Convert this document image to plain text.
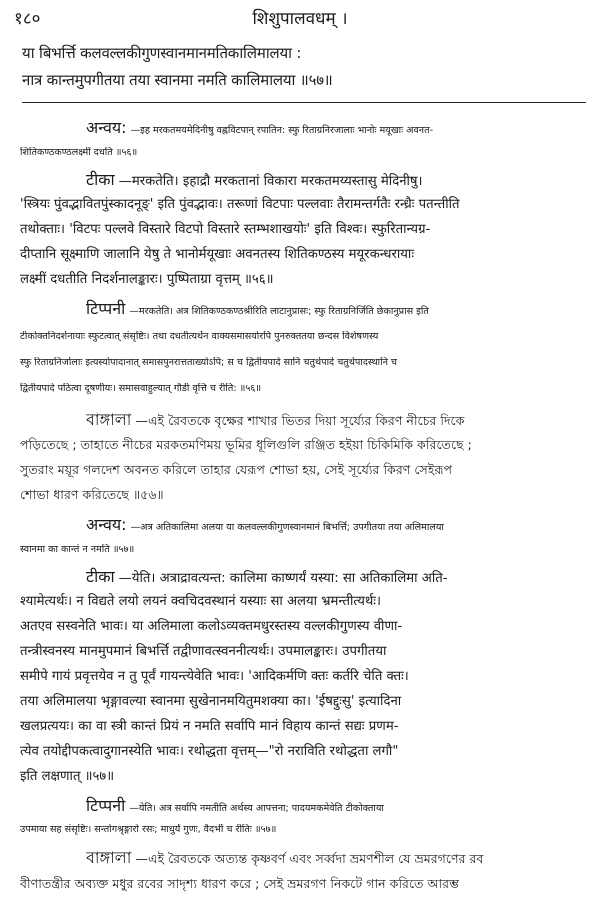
१८०	शिशुपालवधम् ।
या बिभर्त्ति कलवल्लकीगुणस्वानमानमतिकालिमालया :
नात्र कान्तमुपगीतया तया स्वानमा नमति कालिमालया ॥५७॥
अन्वय: —इह मरकतमयमेदिनीषु वह्नविटपान् रपातिन: स्फु रिताग्रनिरजालाः भानोः मयूखाः अवनत-
शितिकण्ठकण्ठलक्ष्मीं दधति ॥५६॥
टीका —मरकतेति। इहाद्रौ मरकतानां विकारा मरकतमय्यस्तासु मेदिनीषु।
'स्त्रियः पुंवद्भावितपुंस्कादनूङ्' इति पुंवद्भावः। तरूणां विटपाः पल्लवाः तैरामन्तर्गतैः रन्ध्रैः पतन्तीति
तथोक्ताः। 'विटपः पल्लवे विस्तारे विटपो विस्तारे स्तम्भशाखयोः' इति विश्वः। स्फुरितान्यग्र-
दीप्तानि सूक्ष्माणि जालानि येषु ते भानोर्मयूखाः अवनतस्य शितिकण्ठस्य मयूरकन्धरायाः
लक्ष्मीं दधतीति निदर्शनालङ्कारः। पुष्पिताग्रा वृत्तम् ॥५६॥
टिप्पनी —मरकतेति। अत्र शितिकण्ठकण्ठश्रीरिति लाटानुप्रासः; स्फु रिताग्रनिर्जिति छेकानुप्रास इति
टीकोक्तनिदर्शनायाः स्फुटत्वात् संसृष्टिः। तथा दधतीत्यर्थेन वाक्यसमासयोरपि पुनरुक्ततया छन्दस विशेषणस्य
स्फु रिताग्रनिर्जालाः इत्यस्योपादानात् समासपुनरात्तताख्योऽपि; स च द्वितीयपादे सानि चतुर्थपादे चतुर्थपादस्थानि च
द्वितीयपादे पठित्वा दूषणीयः। समासवाहुल्यात् गौडी वृत्ति च रीति: ॥५६॥
বাঙ্গালা —এই রৈবতকে বৃক্ষের শাখার ভিতর দিয়া সূর্য্যের কিরণ নীচের দিকে
পড়িতেছে ; তাহাতে নীচের মরকতমণিময় ভূমির ধূলিগুলি রঞ্জিত হইয়া চিকিমিকি করিতেছে ;
সুতরাং ময়ূর গলদেশ অবনত করিলে তাহার যেরূপ শোভা হয়, সেই সূর্য্যের কিরণ সেইরূপ
শোভা ধারণ করিতেছে ॥৫৬॥
अन्वय: —अत्र अतिकालिमा अलया या कलवल्लकीगुणस्वानमानं बिभर्त्ति; उपगीतया तया अलिमालया
स्वानमा का कान्तं न नमति ॥५७॥
टीका —येति। अत्राद्रावत्यन्त: कालिमा काष्णर्यं यस्या: सा अतिकालिमा अति-
श्यामेत्यर्थः। न विद्यते लयो लयनं क्वचिदवस्थानं यस्याः सा अलया भ्रमन्तीत्यर्थः।
अतएव सस्वनेति भावः। या अलिमाला कलोऽव्यक्तमधुरस्तस्य वल्लकीगुणस्य वीणा-
तन्त्रीस्वनस्य मानमुपमानं बिभर्त्ति तद्वीणावत्स्वननीत्यर्थः। उपमालङ्कारः। उपगीतया
समीपे गायं प्रवृत्तयेव न तु पूर्वं गायन्त्येवेति भावः। 'आदिकर्मणि क्तः कर्तरि चेति क्तः।
तया अलिमालया भृङ्गावल्या स्वानमा सुखेनानमयितुमशक्या का। 'ईषद्दुःसु' इत्यादिना
खलप्रत्ययः। का वा स्त्री कान्तं प्रियं न नमति सर्वापि मानं विहाय कान्तं सद्यः प्रणम-
त्येव तयोद्दीपकत्वादुगानस्येति भावः। रथोद्धता वृत्तम्—"रो नराविति रथोद्धता लगौ"
इति लक्षणात् ॥५७॥
टिप्पनी —येति। अत्र सर्वापि नमतीति अर्थस्य आपत्तना; पादयमकमेवेति टीकोक्ताया
उपमाया सह संसृष्टिः। सन्तोगश्रृङ्गारो रसः; माधुर्यं गुणः, वैदर्भी च रीतिः ॥५७॥
বাঙ্গালা —এই রৈবতকে অত্যন্ত কৃষ্ণবর্ণ এবং সর্ব্বদা ভ্রমণশীল যে ভ্রমরগণের রব
বীণাতন্ত্রীর অব্যক্ত মধুর রবের সাদৃশ্য ধারণ করে ; সেই ভ্রমরগণ নিকটে গান করিতে আরম্ভ
